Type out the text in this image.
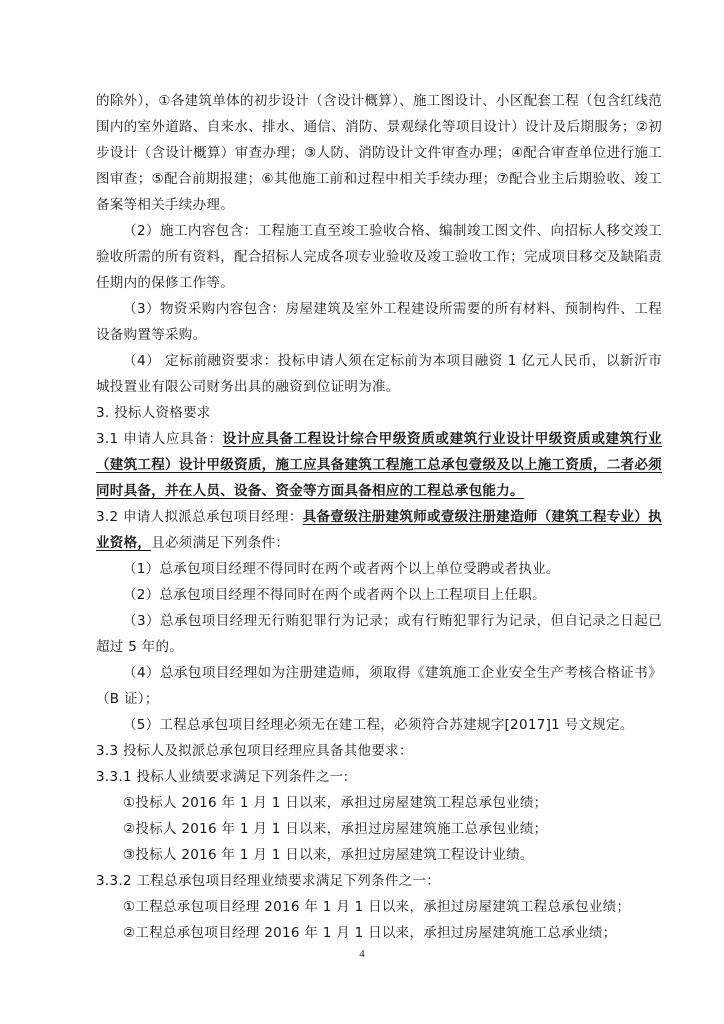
的除外），①各建筑单体的初步设计（含设计概算）、施工图设计、小区配套工程（包含红线范围内的室外道路、自来水、排水、通信、消防、景观绿化等项目设计）设计及后期服务；②初步设计（含设计概算）审查办理；③人防、消防设计文件审查办理；④配合审查单位进行施工图审查；⑤配合前期报建；⑥其他施工前和过程中相关手续办理；⑦配合业主后期验收、竣工备案等相关手续办理。

（2）施工内容包含：工程施工直至竣工验收合格、编制竣工图文件、向招标人移交竣工验收所需的所有资料，配合招标人完成各项专业验收及竣工验收工作；完成项目移交及缺陷责任期内的保修工作等。

（3）物资采购内容包含：房屋建筑及室外工程建设所需要的所有材料、预制构件、工程设备购置等采购。

（4） 定标前融资要求：投标申请人须在定标前为本项目融资 1 亿元人民币，以新沂市城投置业有限公司财务出具的融资到位证明为准。

3. 投标人资格要求

3.1 申请人应具备：设计应具备工程设计综合甲级资质或建筑行业设计甲级资质或建筑行业（建筑工程）设计甲级资质，施工应具备建筑工程施工总承包壹级及以上施工资质，二者必须同时具备，并在人员、设备、资金等方面具备相应的工程总承包能力。

3.2 申请人拟派总承包项目经理：具备壹级注册建筑师或壹级注册建造师（建筑工程专业）执业资格，且必须满足下列条件：

（1）总承包项目经理不得同时在两个或者两个以上单位受聘或者执业。

（2）总承包项目经理不得同时在两个或者两个以上工程项目上任职。

（3）总承包项目经理无行贿犯罪行为记录；或有行贿犯罪行为记录，但自记录之日起已超过 5 年的。

（4）总承包项目经理如为注册建造师，须取得《建筑施工企业安全生产考核合格证书》（B 证）；

（5）工程总承包项目经理必须无在建工程，必须符合苏建规字[2017]1 号文规定。

3.3 投标人及拟派总承包项目经理应具备其他要求：

3.3.1 投标人业绩要求满足下列条件之一:

①投标人 2016 年 1 月 1 日以来，承担过房屋建筑工程总承包业绩；

②投标人 2016 年 1 月 1 日以来，承担过房屋建筑施工总承包业绩；

③投标人 2016 年 1 月 1 日以来，承担过房屋建筑工程设计业绩。

3.3.2 工程总承包项目经理业绩要求满足下列条件之一：

①工程总承包项目经理 2016 年 1 月 1 日以来，承担过房屋建筑工程总承包业绩；

②工程总承包项目经理 2016 年 1 月 1 日以来，承担过房屋建筑施工总承业绩；

4
